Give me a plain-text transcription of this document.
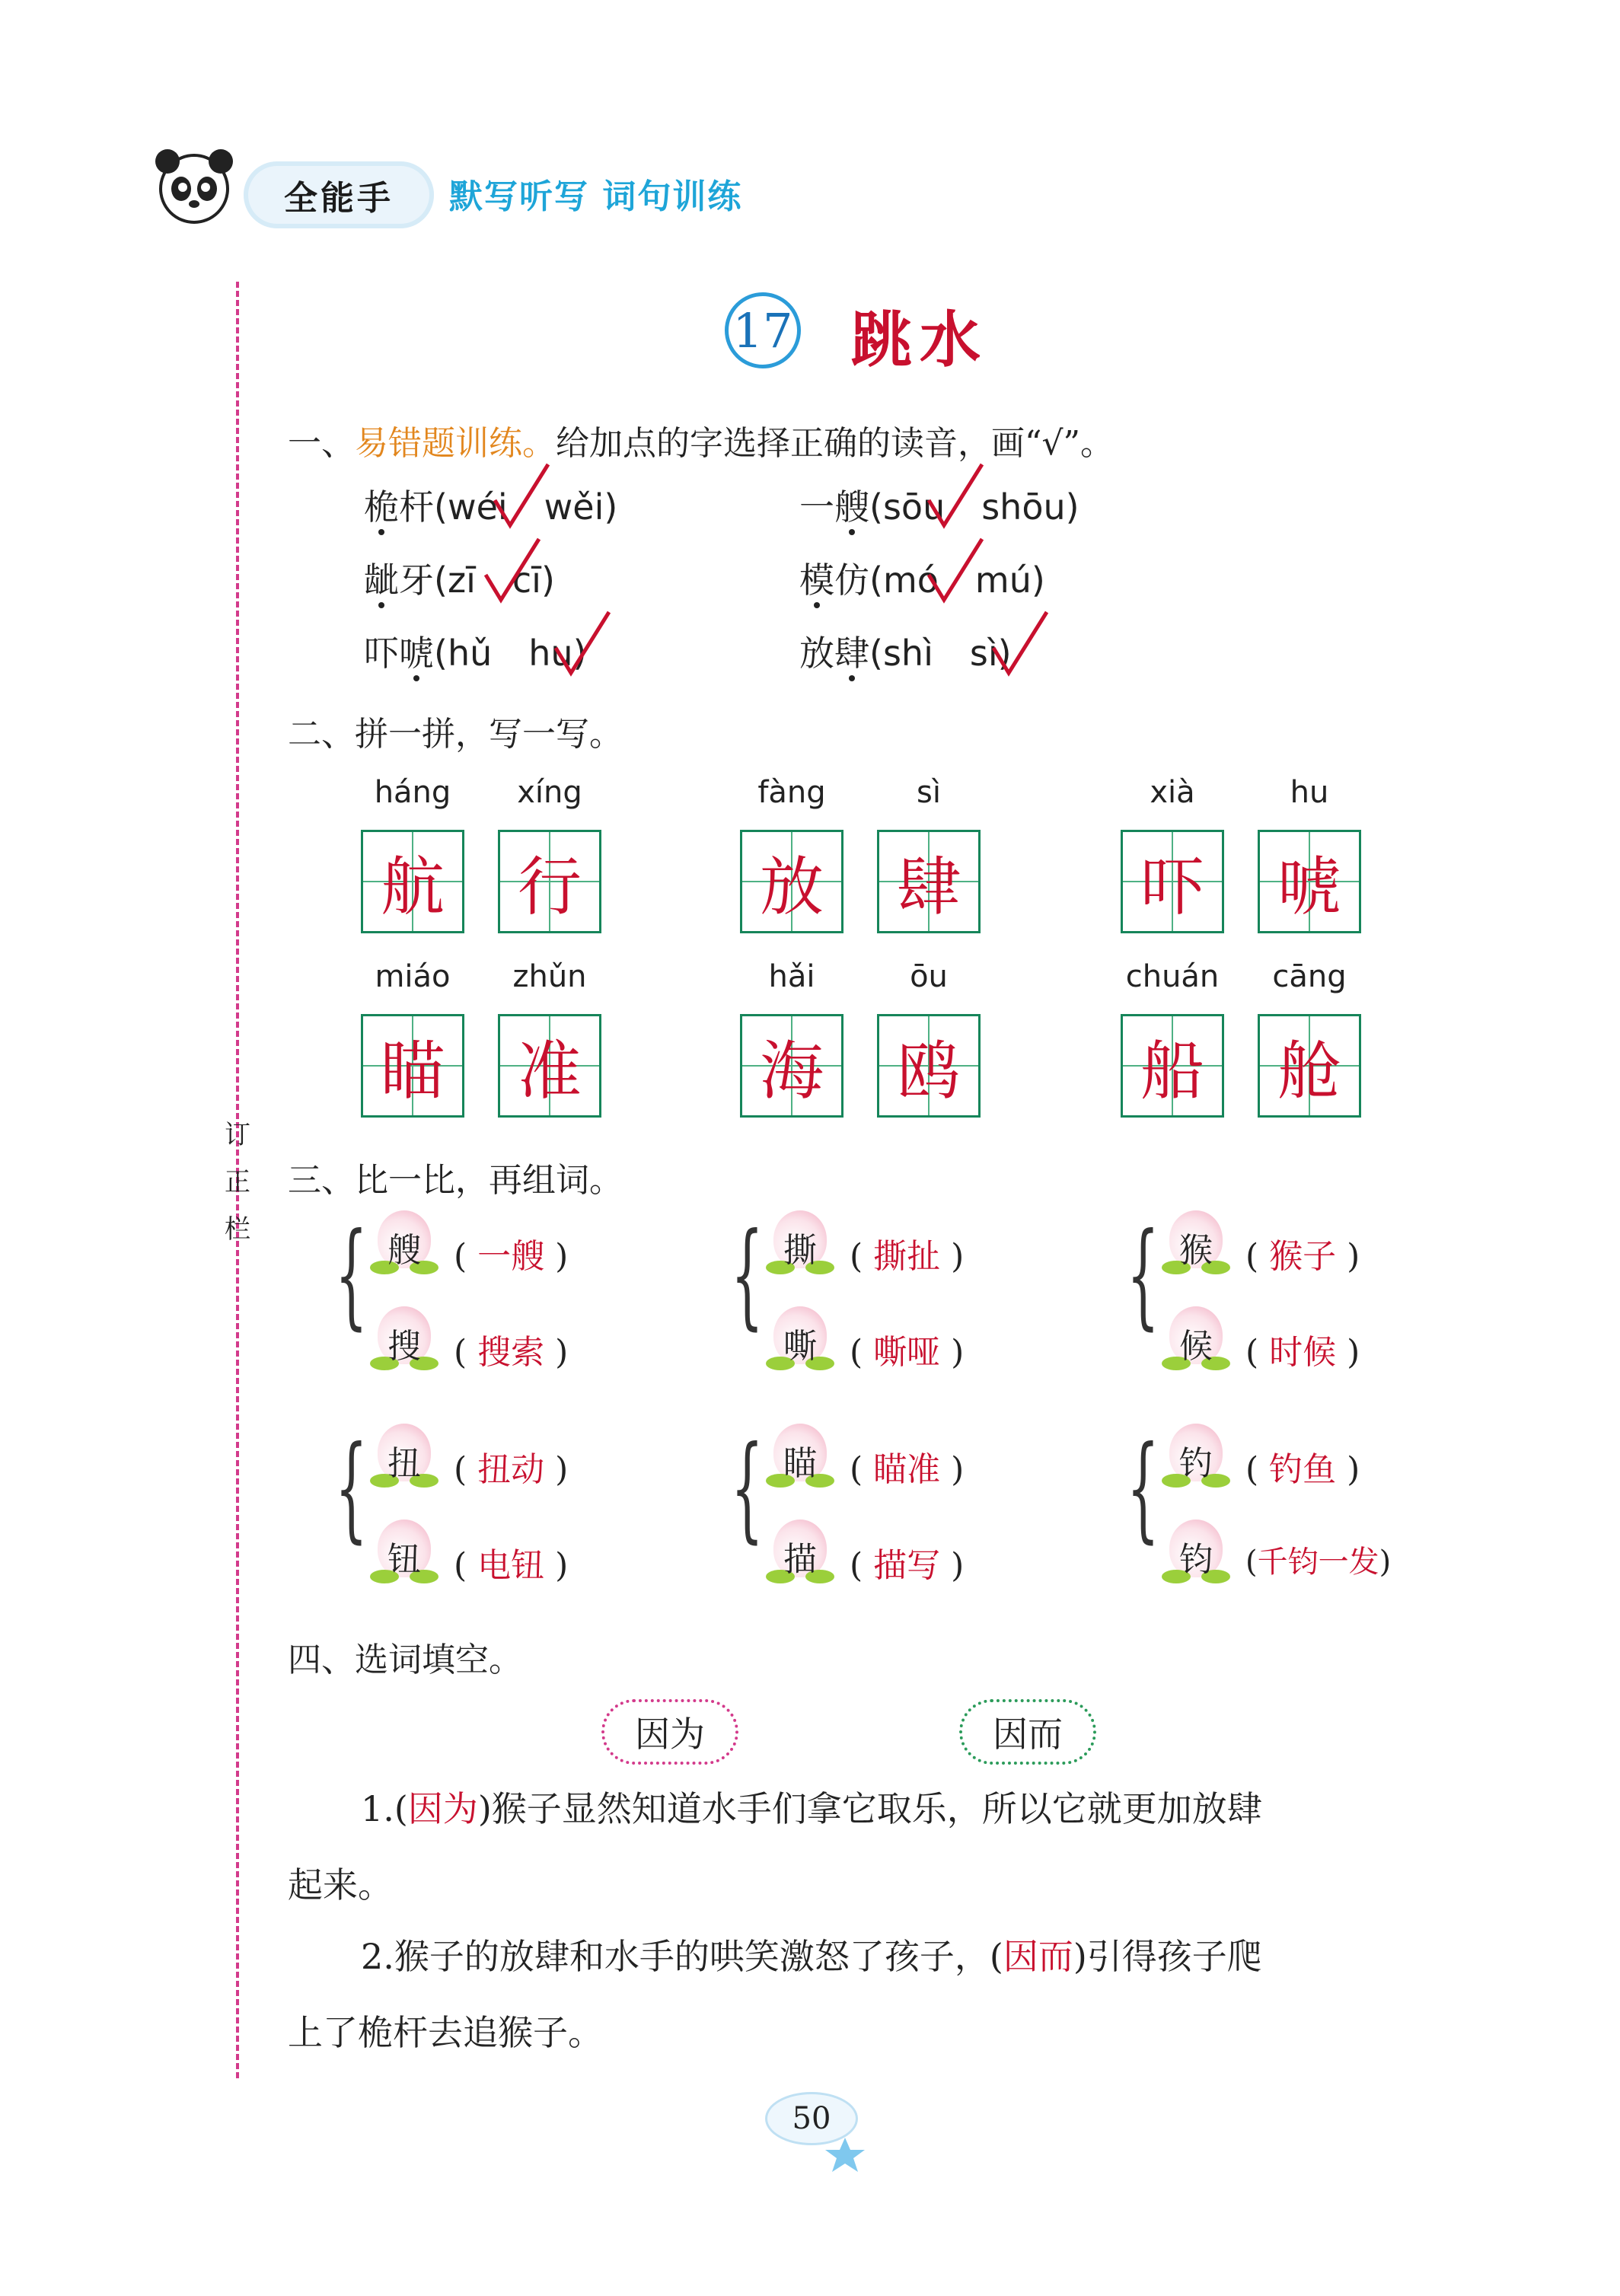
全能手	默写听写 词句训练
订
正
栏
17 跳水
一、易错题训练。给加点的字选择正确的读音，画“√”。
桅杆(wéi wěi)	一艘(sōu shōu)
龇牙(zī cī)	模仿(mó mú)
吓唬(hǔ hu)	放肆(shì sì)
二、拼一拼，写一写。
háng	xíng	fàng	sì	xià	hu
航	行	放	肆	吓	唬
miáo	zhǔn	hǎi	ōu	chuán	cāng
瞄	准	海	鸥	船	舱
三、比一比，再组词。
{ 艘 ( 一艘 )
搜 ( 搜索 )
{ 撕 ( 撕扯 )
嘶 ( 嘶哑 )
{ 猴 ( 猴子 )
候 ( 时候 )
{ 扭 ( 扭动 )
钮 ( 电钮 )
{ 瞄 ( 瞄准 )
描 ( 描写 )
{ 钓 ( 钓鱼 )
钧	(千钧一发)
四、选词填空。
因为	因而
1.(因为)猴子显然知道水手们拿它取乐，所以它就更加放肆
起来。
2.猴子的放肆和水手的哄笑激怒了孩子，(因而)引得孩子爬
上了桅杆去追猴子。
50
